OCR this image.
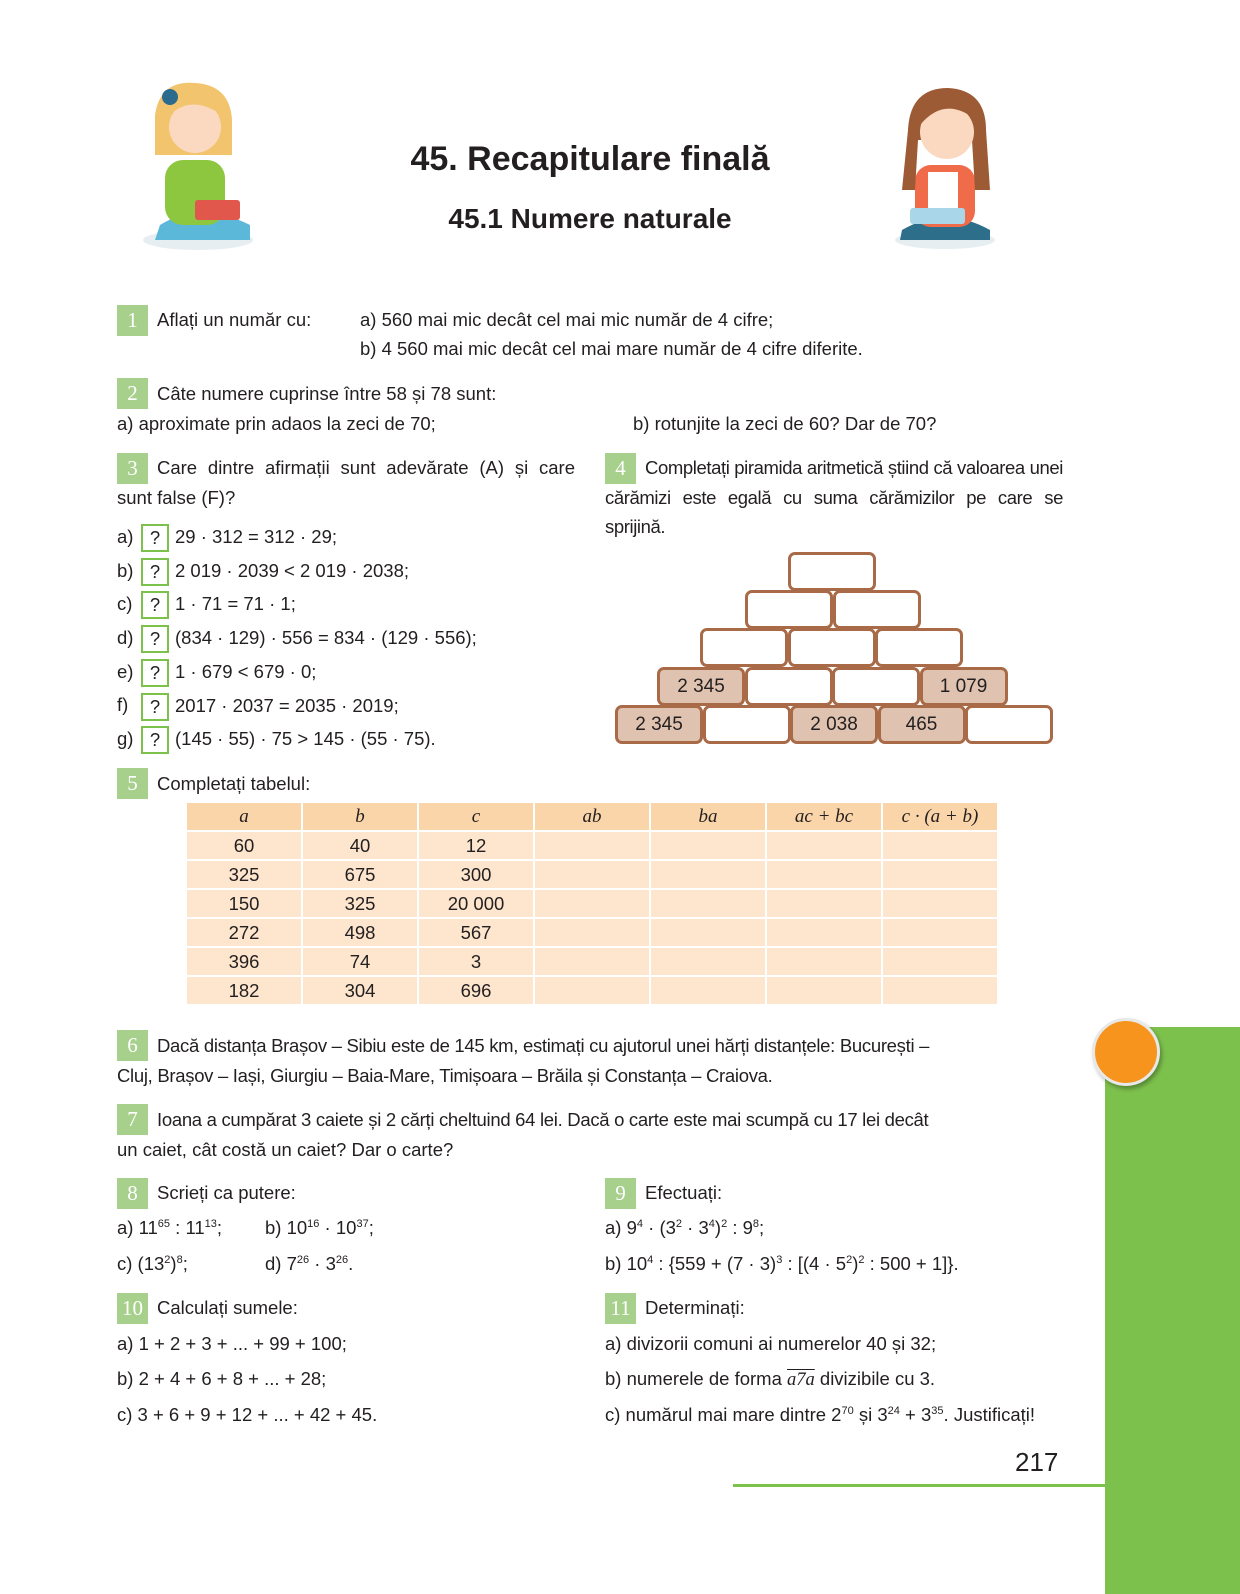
45. Recapitulare finală
45.1 Numere naturale
1	Aflați un număr cu:	a) 560 mai mic decât cel mai mic număr de 4 cifre;
b) 4 560 mai mic decât cel mai mare număr de 4 cifre diferite.
2	Câte numere cuprinse între 58 și 78 sunt:
a) aproximate prin adaos la zeci de 70;	b) rotunjite la zeci de 60? Dar de 70?
3	Care dintre afirmații sunt adevărate (A) și care sunt false (F)?
a) ? 29 · 312 = 312 · 29;
b) ? 2 019 · 2039 < 2 019 · 2038;
c) ? 1 · 71 = 71 · 1;
d) ? (834 · 129) · 556 = 834 · (129 · 556);
e) ? 1 · 679 < 679 · 0;
f) ? 2017 · 2037 = 2035 · 2019;
g) ? (145 · 55) · 75 > 145 · (55 · 75).
4	Completați piramida aritmetică știind că valoarea unei cărămizi este egală cu suma cărămizilor pe care se sprijină.
2 345	1 079
2 345	2 038	465
5	Completați tabelul:
a	b	c	ab	ba	ac + bc	c · (a + b)
60	40	12				
325	675	300				
150	325	20 000				
272	498	567				
396	74	3				
182	304	696				
6	Dacă distanța Brașov – Sibiu este de 145 km, estimați cu ajutorul unei hărți distanțele: București –
Cluj, Brașov – Iași, Giurgiu – Baia-Mare, Timișoara – Brăila și Constanța – Craiova.
7	Ioana a cumpărat 3 caiete și 2 cărți cheltuind 64 lei. Dacă o carte este mai scumpă cu 17 lei decât
un caiet, cât costă un caiet? Dar o carte?
8	Scrieți ca putere:
a) $11^{65}$ : $11^{13}$; b) $10^{16} \cdot 10^{37}$;
c) $(13^2)^8$;	d) $7^{26} \cdot 3^{26}$.
9	Efectuați:
a) $9^4 \cdot (3^2 \cdot 3^4)^2$ : $9^8$;
b) $10^4$ : {$559 + (7 \cdot 3)^3$ : [$(4 \cdot 5^2)^2$ : 500 + 1]}.
10 Calculați sumele:
a) 1 + 2 + 3 + ... + 99 + 100;
b) 2 + 4 + 6 + 8 + ... + 28;
c) 3 + 6 + 9 + 12 + ... + 42 + 45.
11 Determinați:
a) divizorii comuni ai numerelor 40 și 32;
b) numerele de forma a7a divizibile cu 3.
c) numărul mai mare dintre $2^{70}$ și $3^{24} + 3^{35}$. Justificați!
217
